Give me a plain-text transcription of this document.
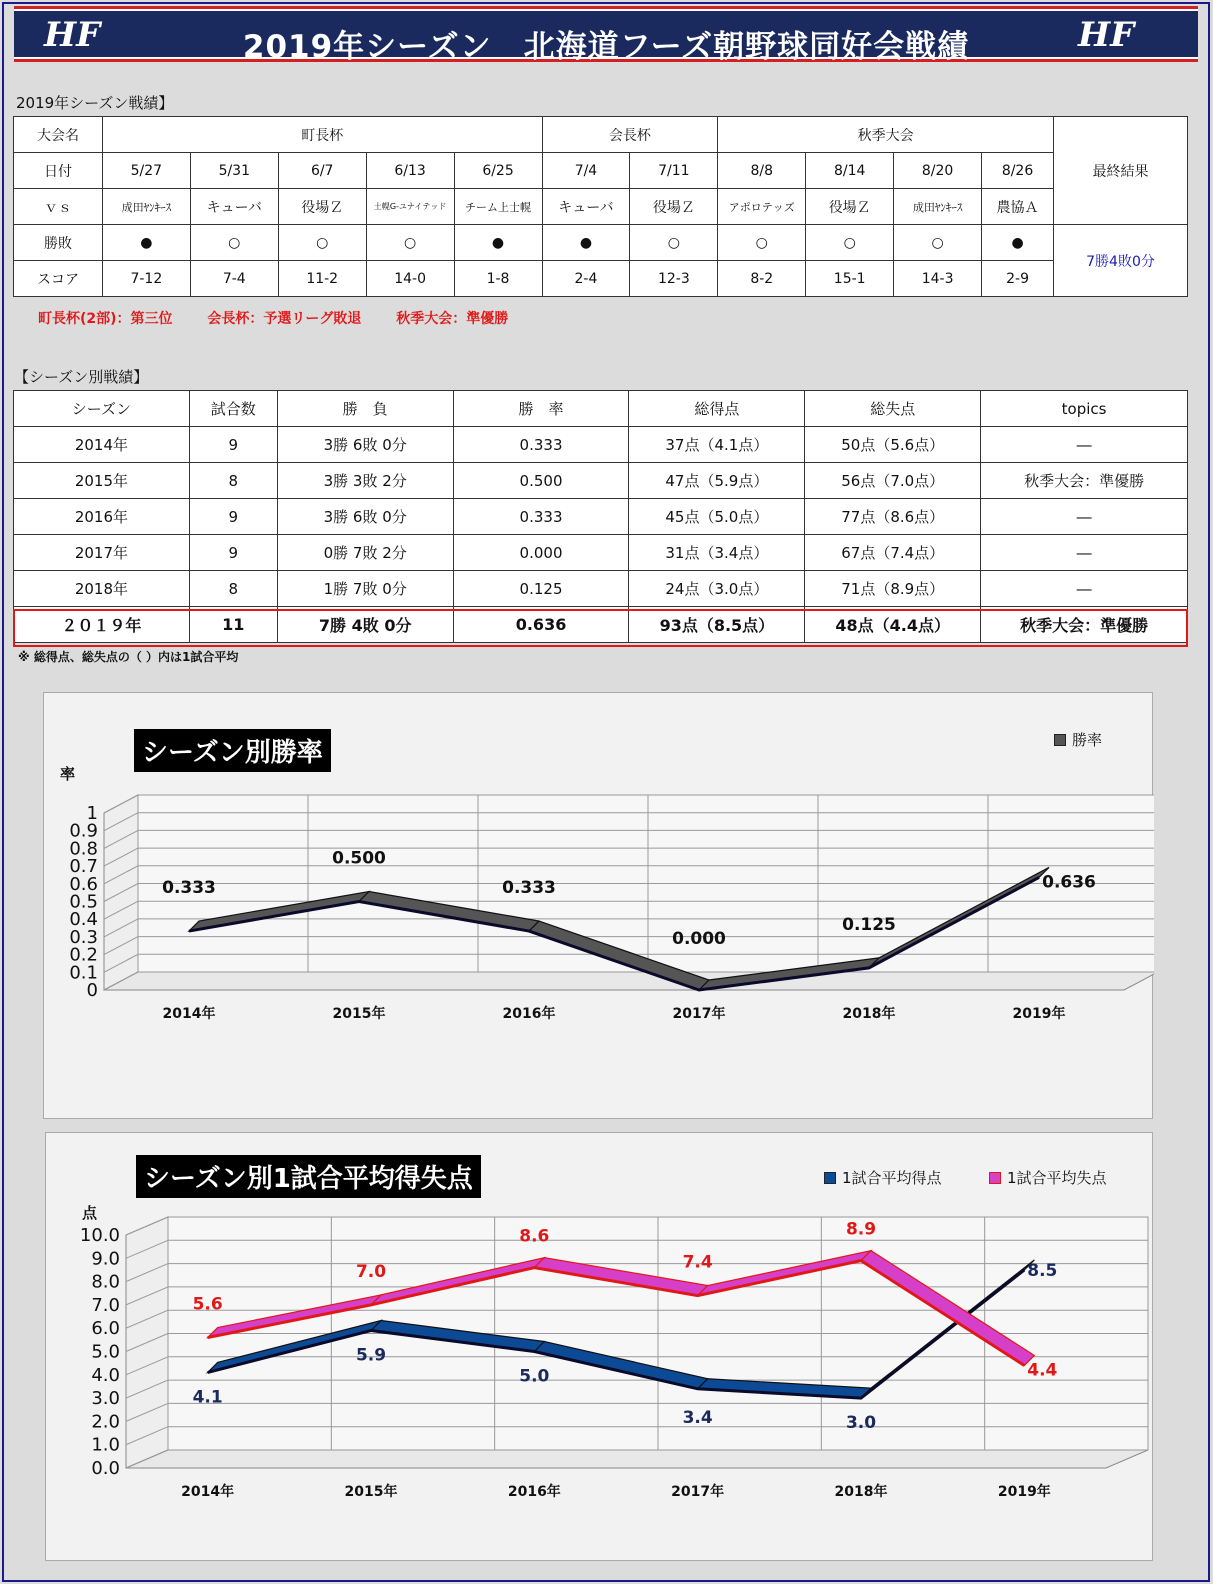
HF	2019年シーズン　北海道フーズ朝野球同好会戦績	HF
2019年シーズン戦績】
大会名	町長杯					会長杯		秋季大会				最終結果
日付	5/27	5/31	6/7	6/13	6/25	7/4	7/11	8/8	8/14	8/20	8/26	
ｖｓ	成田ﾔﾝｷｰｽ	キューバ	役場Ｚ	土幌G-ユナイテッド	チーム上士幌	キューバ	役場Ｚ	アポロテッズ	役場Ｚ	成田ﾔﾝｷｰｽ	農協Ａ	
勝敗	●	○	○	○	●	●	○	○	○	○	●	7勝4敗0分
スコア	7-12	7-4	11-2	14-0	1-8	2-4	12-3	8-2	15-1	14-3	2-9	
町長杯(2部)：第三位 会長杯：予選リーグ敗退 秋季大会：準優勝
【シーズン別戦績】
シーズン	試合数	勝　負	勝　率	総得点	総失点	topics
2014年	9	3勝 6敗 0分	0.333	37点（4.1点）	50点（5.6点）	―
2015年	8	3勝 3敗 2分	0.500	47点（5.9点）	56点（7.0点）	秋季大会：準優勝
2016年	9	3勝 6敗 0分	0.333	45点（5.0点）	77点（8.6点）	―
2017年	9	0勝 7敗 2分	0.000	31点（3.4点）	67点（7.4点）	―
2018年	8	1勝 7敗 0分	0.125	24点（3.0点）	71点（8.9点）	―
２０１９年	11	7勝 4敗 0分	0.636	93点（8.5点）	48点（4.4点）	秋季大会：準優勝
※ 総得点、総失点の（ ）内は1試合平均
0
0.1
0.2
0.3
0.4
0.5
0.6
0.7
0.8
0.9
1
率
2014年	2015年	2016年	2017年	2018年	2019年
0.333
0.500
0.333
0.000
0.125
0.636
シーズン別勝率	勝率
0.0
1.0
2.0
3.0
4.0
5.0
6.0
7.0
8.0
9.0
10.0
点
2014年	2015年	2016年	2017年	2018年	2019年
4.1
5.9
5.0
3.4	3.0
8.5
5.6
7.0
8.6
7.4
8.9
4.4
シーズン別1試合平均得失点	1試合平均得点	1試合平均失点
